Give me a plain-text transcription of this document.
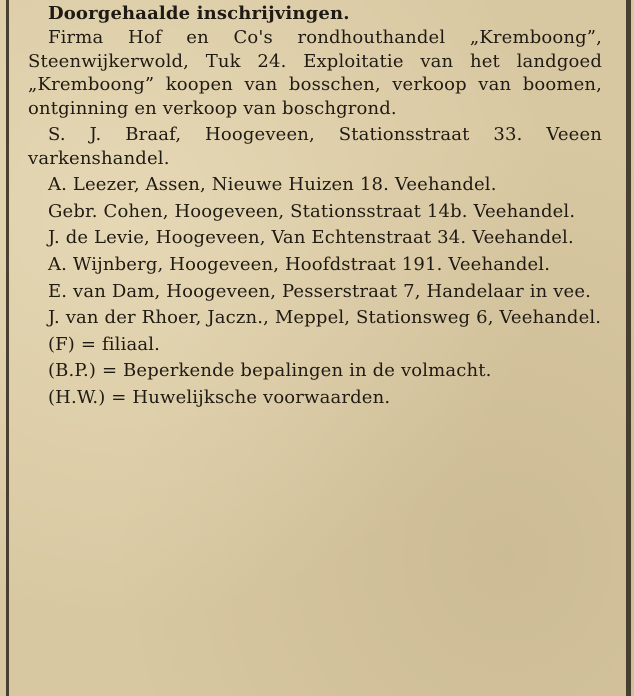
Doorgehaalde inschrijvingen.

Firma Hof en Co's rondhouthandel „Kremboong”, Steenwijkerwold, Tuk 24. Exploitatie van het landgoed „Kremboong” koopen van bosschen, verkoop van boomen, ontginning en verkoop van boschgrond.

S. J. Braaf, Hoogeveen, Stationsstraat 33. Veeen varkenshandel.

A. Leezer, Assen, Nieuwe Huizen 18. Veehandel.

Gebr. Cohen, Hoogeveen, Stationsstraat 14b. Veehandel.

J. de Levie, Hoogeveen, Van Echtenstraat 34. Veehandel.

A. Wijnberg, Hoogeveen, Hoofdstraat 191. Veehandel.

E. van Dam, Hoogeveen, Pesserstraat 7, Handelaar in vee.

J. van der Rhoer, Jaczn., Meppel, Stationsweg 6, Veehandel.

(F) = filiaal.

(B.P.) = Beperkende bepalingen in de volmacht.

(H.W.) = Huwelijksche voorwaarden.
